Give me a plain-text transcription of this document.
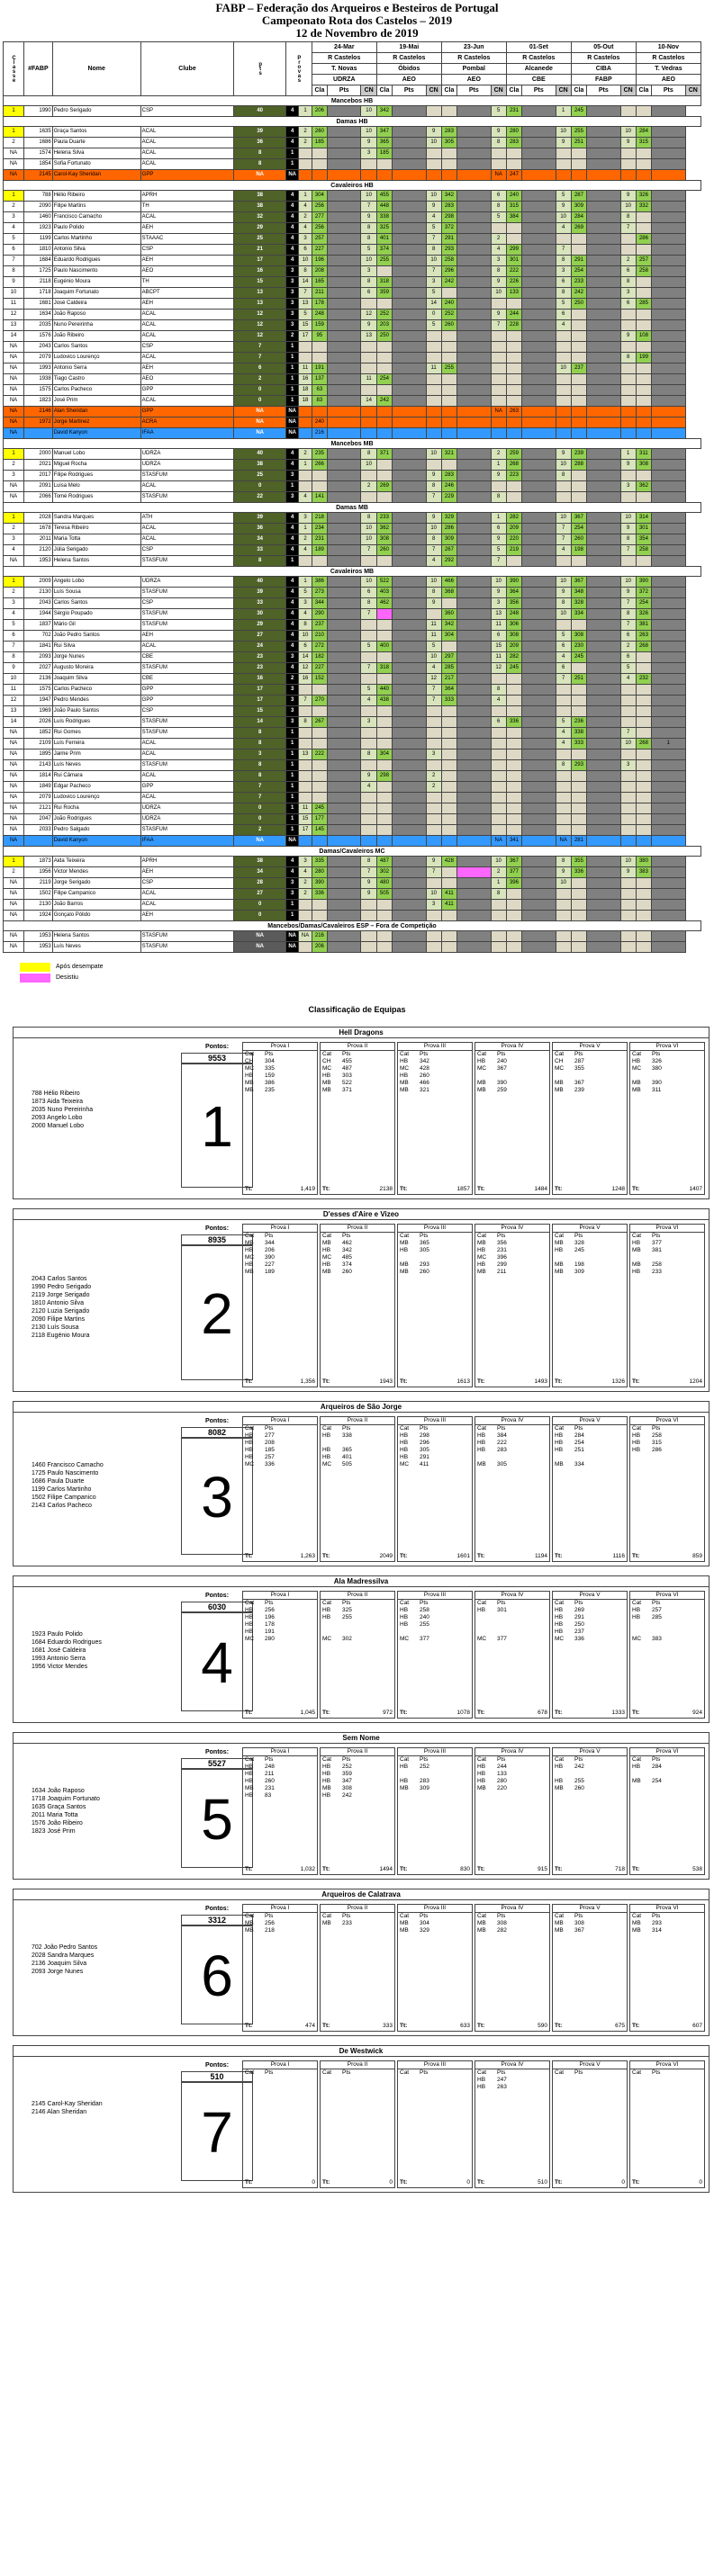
FABP – Federação dos Arqueiros e Besteiros de Portugal
Campeonato Rota dos Castelos – 2019
12 de Novembro de 2019
Classe	#FABP	Nome	Clube	pts	Provas		24-Mar			19-Mai			23-Jun			01-Set			05-Out			10-Nov		
							R Castelos			R Castelos			R Castelos			R Castelos			R Castelos			R Castelos		
							T. Novas			Óbidos			Pombal			Alcanede			CIBA			T. Vedras		
							UDRZA			AEO			AEO			CBE			FABP			AEO		
							Cla	Pts	CN	Cla	Pts	CN	Cla	Pts	CN	Cla	Pts	CN	Cla	Pts	CN	Cla	Pts	CN
Mancebos HB																								
1	1990	Pedro Serigado	CSP	40	4	1	206		10	342					5	231		1	245					
Damas HB																								
1	1635	Graça Santos	ACAL	39	4	2	260		10	347		9	283		9	280		10	255		10	284		
2	1686	Paula Duarte	ACAL	36	4	2	185		9	365		10	305		8	283		9	251		9	315		
NA	1574	Helena Silva	ACAL	8	1				3	185														
NA	1854	Sofia Fortunato	ACAL	8	1																			
NA	2145	Carol-Kay Sheridan	GPP	NA	NA										NA	247								
Cavaleiros HB																								
1	788	Hélio Ribeiro	APRH	38	4	1	304		10	455		10	342		6	240		5	287		9	326		
2	2090	Filipe Martins	TH	38	4	4	256		7	448		9	283		8	315		9	309		10	332		
3	1460	Francisco Camacho	ACAL	32	4	2	277		9	338		4	298		5	384		10	284		8			
4	1923	Paulo Polido	AEH	29	4	4	256		8	325		5	372					4	269		7			
5	1199	Carlos Martinho	STAAAC	25	4	3	257		8	401		7	291		2							286		
6	1810	Antonio Silva	CSP	21	4	6	227		5	374		8	293		4	299		7						
7	1684	Eduardo Rodrigues	AEH	17	4	10	196		10	255		10	258		3	301		8	291		2	257		
8	1725	Paulo Nascimento	AEO	16	3	8	208		3			7	296		8	222		3	254		6	258		
9	2118	Eugénio Moura	TH	15	3	14	165		8	318		3	242		9	226		6	233		8			
10	1718	Joaquim Fortunato	ABCPT	13	3	7	211		6	359		5			10	133		8	242		3			
11	1681	José Caldeira	AEH	13	3	13	178					14	240					5	250		6	285		
12	1634	João Raposo	ACAL	12	3	5	248		12	252		0	252		9	244		6						
13	2035	Nuno Pereirinha	ACAL	12	3	15	159		9	203		5	260		7	228		4						
14	1576	João Ribeiro	ACAL	12	2	17	95		13	250											9	108		
NA	2043	Carlos Santos	CSP	7	1																			
NA	2079	Ludovico Lourenço	ACAL	7	1																8	199		
NA	1993	Antonio Serra	AEH	6	1	11	191					11	255					10	237					
NA	1938	Tiago Castro	AEO	2	1	16	137		11	254														
NA	1575	Carlos Pacheco	GPP	0	1	18	63																	
NA	1823	José Prim	ACAL	0	1	18	83		14	242														
NA	2146	Alan Sheridan	GPP	NA	NA										NA	263								
NA	1972	Jorge Martinez	ACRA	NA	NA		240																	
NA		David Kanyon	IFAA	NA	NA		216																	
Mancebos MB																								
1	2000	Manuel Lobo	UDRZA	40	4	2	235		8	371		10	321		2	259		9	239		1	311		
2	2021	Miguel Rocha	UDRZA	38	4	1	266		10						1	268		10	288		9	308		
3	2017	Filipe Rodrigues	STASFUM	25	3							9	283		9	223		8						
NA	2091	Luisa Melo	ACAL	0	1				2	269		8	246								3	362		
NA	2066	Tomé Rodrigues	STASFUM	22	3	4	141					7	229		8									
Damas MB																								
1	2028	Sandra Marques	ATH	39	4	3	218		8	233		9	329		1	282		10	367		10	314		
2	1678	Teresa Ribeiro	ACAL	36	4	1	234		10	362		10	286		6	209		7	254		9	301		
3	2011	Maria Totta	ACAL	34	4	2	231		10	308		8	309		9	220		7	260		8	354		
4	2120	Júlia Serigado	CSP	33	4	4	189		7	260		7	267		5	219		4	198		7	258		
NA	1953	Helena Santos	STASFUM	8	1							4	292		7									
Cavaleiros MB																								
1	2009	Angelo Lobo	UDRZA	40	4	1	386		10	522		10	466		10	390		10	367		10	390		
2	2130	Luís Sousa	STASFUM	39	4	5	273		6	403		8	368		9	364		9	348		9	372		
3	2043	Carlos Santos	CSP	33	4	3	344		8	462		9			3	356		8	328		7	254		
4	1944	Sérgio Poupado	STASFUM	30	4	4	290		7				360		13	248		10	334		8	326		
5	1837	Mário Gil	STASFUM	29	4	8	237					11	342		11	306					7	381		
6	702	João Pedro Santos	AEH	27	4	10	210					11	304		6	308		5	308		6	263		
7	1841	Rui Silva	ACAL	24	4	6	272		5	400		5			15	209		6	230		2	268		
8	2093	Jorge Nunes	CBE	23	3	14	182					10	297		11	282		4	245		6			
9	2027	Augusto Moreira	STASFUM	23	4	12	227		7	318		4	285		12	245		6			5			
10	2136	Joaquim Silva	CBE	16	2	16	152					12	217					7	251		4	232		
11	1575	Carlos Pacheco	GPP	17	3				5	440		7	364		8									
12	1947	Pedro Mendes	GPP	17	3	7	270		4	438		7	333		4									
13	1969	João Paulo Santos	CSP	15	3																			
14	2026	Luís Rodrigues	STASFUM	14	3	8	267		3						6	336		5	236					
NA	1852	Rui Gomes	STASFUM	8	1													4	338		7			
NA	2109	Luís Ferreira	ACAL	8	1													4	333		10	268	1	
NA	1895	Jaime Prim	ACAL	3	1	13	222		8	304		3												
NA	2143	Luís Neves	STASFUM	8	1													8	293		3			
NA	1814	Rui Câmara	ACAL	8	1				9	298		2												
NA	1849	Edgar Pacheco	GPP	7	1				4			2												
NA	2079	Ludovico Lourenço	ACAL	7	1																			
NA	2121	Rui Rocha	UDRZA	0	1	11	245																	
NA	2047	João Rodrigues	UDRZA	0	1	15	177																	
NA	2033	Pedro Salgado	STASFUM	2	1	17	145																	
NA		David Kanyon	IFAA	NA	NA										NA	341		NA	281					
Damas/Cavaleiros MC																								
1	1873	Aida Teixeira	APRH	38	4	3	335		8	487		9	428		10	367		8	355		10	380		
2	1956	Victor Mendes	AEH	34	4	4	280		7	302		7			2	377		9	336		9	383		
NA	2119	Jorge Serigado	CSP	28	3	2	390		9	480					1	396		10						
NA	1502	Filipe Campanico	ACAL	27	3	2	336		9	505		10	411		8									
NA	2130	João Barros	ACAL	0	1							3	411											
NA	1924	Gonçalo Pólido	AEH	0	1																			
Mancebos/Damas/Cavaleiros ESP – Fora de Competição																								
NA	1953	Helena Santos	STASFUM	NA	NA	NA	216																	
NA	1953	Luís Neves	STASFUM	NA	NA		206																	
Após desempate
Desistiu
Classificação de Equipas
Hell Dragons
788 Hélio Ribeiro
1873 Aida Teixeira
2035 Nuno Pereirinha
2093 Angelo Lobo
2000 Manuel Lobo
Pontos:
9553
1
Prova I
Cat Pts
CH 304
MC 335
HB 159
MB 386
MB 235
Tt:	1,419
Prova II
Cat Pts
CH 455
MC 487
HB 303
MB 522
MB 371
Tt:	2138
Prova III
Cat Pts
HB 342
MC 428
HB 260
MB 466
MB 321
Tt:	1857
Prova IV
Cat Pts
HB 240
MC 367
MB 390
MB 259
Tt:	1484
Prova V
Cat Pts
CH 287
MC 355
MB 367
MB 239
Tt:	1248
Prova VI
Cat Pts
HB 326
MC 380
MB 390
MB 311
Tt:	1407
D'esses d'Aire e Vizeo
2043 Carlos Santos
1990 Pedro Serigado
2119 Jorge Serigado
1810 Antonio Silva
2120 Luzia Serigado
2090 Filipe Martins
2130 Luís Sousa
2118 Eugénio Moura
Pontos:
8935
2
Prova I
Cat Pts
MB 344
HB 206
MC 390
HB 227
MB 189
Tt:	1,356
Prova II
Cat Pts
MB 462
HB 342
MC 485
HB 374
MB 260
Tt:	1943
Prova III
Cat Pts
MB 365
HB 305
MB 293
MB 260
Tt:	1613
Prova IV
Cat Pts
MB 356
HB 231
MC 396
HB 299
MB 211
Tt:	1493
Prova V
Cat Pts
MB 328
HB 245
MB 198
MB 309
Tt:	1326
Prova VI
Cat Pts
HB 377
MB 381
MB 258
HB 233
Tt:	1204
Arqueiros de São Jorge
1460 Francisco Camacho
1725 Paulo Nascimento
1686 Paula Duarte
1199 Carlos Martinho
1502 Filipe Campanico
2143 Carlos Pacheco
Pontos:
8082
3
Prova I
Cat Pts
HB 277
HB 208
HB 185
HB 257
MC 336
Tt:	1,263
Prova II
Cat Pts
HB 338
HB 365
HB 401
MC 505
Tt:	2049
Prova III
Cat Pts
HB 298
HB 296
HB 305
HB 291
MC 411
Tt:	1601
Prova IV
Cat Pts
HB 384
HB 222
HB 283
MB 305
Tt:	1194
Prova V
Cat Pts
HB 284
HB 254
HB 251
MB 334
Tt:	1116
Prova VI
Cat Pts
HB 258
HB 315
HB 286
Tt:	859
Ala Madressilva
1923 Paulo Polido
1684 Eduardo Rodrigues
1681 José Caldeira
1993 Antonio Serra
1956 Victor Mendes
Pontos:
6030
4
Prova I
Cat Pts
HB 256
HB 196
HB 178
HB 191
MC 280
Tt:	1,045
Prova II
Cat Pts
HB 325
HB 255
MC 302
Tt:	972
Prova III
Cat Pts
HB 258
HB 240
HB 255
MC 377
Tt:	1078
Prova IV
Cat Pts
HB 301
MC 377
Tt:	678
Prova V
Cat Pts
HB 269
HB 291
HB 250
HB 237
MC 336
Tt:	1333
Prova VI
Cat Pts
HB 257
HB 285
MC 383
Tt:	924
Sem Nome
1634 João Raposo
1718 Joaquim Fortunato
1635 Graça Santos
2011 Maria Totta
1576 João Ribeiro
1823 José Prim
Pontos:
5527
5
Prova I
Cat Pts
HB 248
HB 211
HB 260
MB 231
HB 83
Tt:	1,032
Prova II
Cat Pts
HB 252
HB 359
HB 347
MB 308
HB 242
Tt:	1494
Prova III
Cat Pts
HB 252
HB 283
MB 309
Tt:	830
Prova IV
Cat Pts
HB 244
HB 133
HB 280
MB 220
Tt:	915
Prova V
Cat Pts
HB 242
HB 255
MB 260
Tt:	718
Prova VI
Cat Pts
HB 284
MB 254
Tt:	538
Arqueiros de Calatrava
702 João Pedro Santos
2028 Sandra Marques
2136 Joaquim Silva
2093 Jorge Nunes
Pontos:
3312
6
Prova I
Cat Pts
MB 256
MB 218
Tt:	474
Prova II
Cat Pts
MB 233
Tt:	333
Prova III
Cat Pts
MB 304
MB 329
Tt:	633
Prova IV
Cat Pts
MB 308
MB 282
Tt:	590
Prova V
Cat Pts
MB 308
MB 367
Tt:	675
Prova VI
Cat Pts
MB 293
MB 314
Tt:	607
De Westwick
2145 Carol-Kay Sheridan
2146 Alan Sheridan
Pontos:
510
7
Prova I
Cat Pts
Tt:	0
Prova II
Cat Pts
Tt:	0
Prova III
Cat Pts
Tt:	0
Prova IV
Cat Pts
HB 247
HB 263
Tt:	510
Prova V
Cat Pts
Tt:	0
Prova VI
Cat Pts
Tt:	0
